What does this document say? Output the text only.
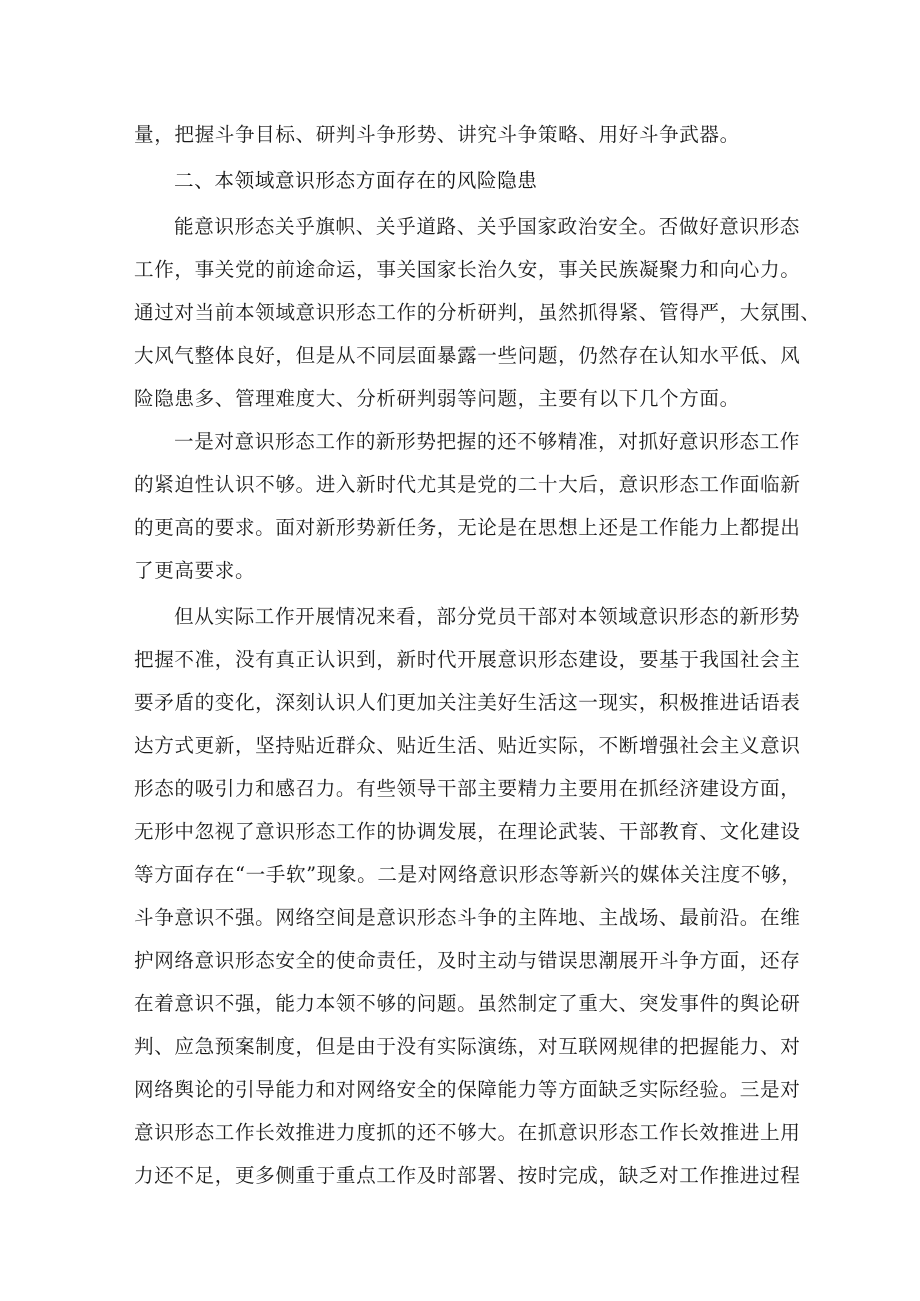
量，把握斗争目标、研判斗争形势、讲究斗争策略、用好斗争武器。
二、本领域意识形态方面存在的风险隐患
能意识形态关乎旗帜、关乎道路、关乎国家政治安全。否做好意识形态
工作，事关党的前途命运，事关国家长治久安，事关民族凝聚力和向心力。
通过对当前本领域意识形态工作的分析研判，虽然抓得紧、管得严，大氛围、
大风气整体良好，但是从不同层面暴露一些问题，仍然存在认知水平低、风
险隐患多、管理难度大、分析研判弱等问题，主要有以下几个方面。
一是对意识形态工作的新形势把握的还不够精准，对抓好意识形态工作
的紧迫性认识不够。进入新时代尤其是党的二十大后，意识形态工作面临新
的更高的要求。面对新形势新任务，无论是在思想上还是工作能力上都提出
了更高要求。
但从实际工作开展情况来看，部分党员干部对本领域意识形态的新形势
把握不准，没有真正认识到，新时代开展意识形态建设，要基于我国社会主
要矛盾的变化，深刻认识人们更加关注美好生活这一现实，积极推进话语表
达方式更新，坚持贴近群众、贴近生活、贴近实际，不断增强社会主义意识
形态的吸引力和感召力。有些领导干部主要精力主要用在抓经济建设方面，
无形中忽视了意识形态工作的协调发展，在理论武装、干部教育、文化建设
等方面存在“一手软”现象。二是对网络意识形态等新兴的媒体关注度不够，
斗争意识不强。网络空间是意识形态斗争的主阵地、主战场、最前沿。在维
护网络意识形态安全的使命责任，及时主动与错误思潮展开斗争方面，还存
在着意识不强，能力本领不够的问题。虽然制定了重大、突发事件的舆论研
判、应急预案制度，但是由于没有实际演练，对互联网规律的把握能力、对
网络舆论的引导能力和对网络安全的保障能力等方面缺乏实际经验。三是对
意识形态工作长效推进力度抓的还不够大。在抓意识形态工作长效推进上用
力还不足，更多侧重于重点工作及时部署、按时完成，缺乏对工作推进过程
